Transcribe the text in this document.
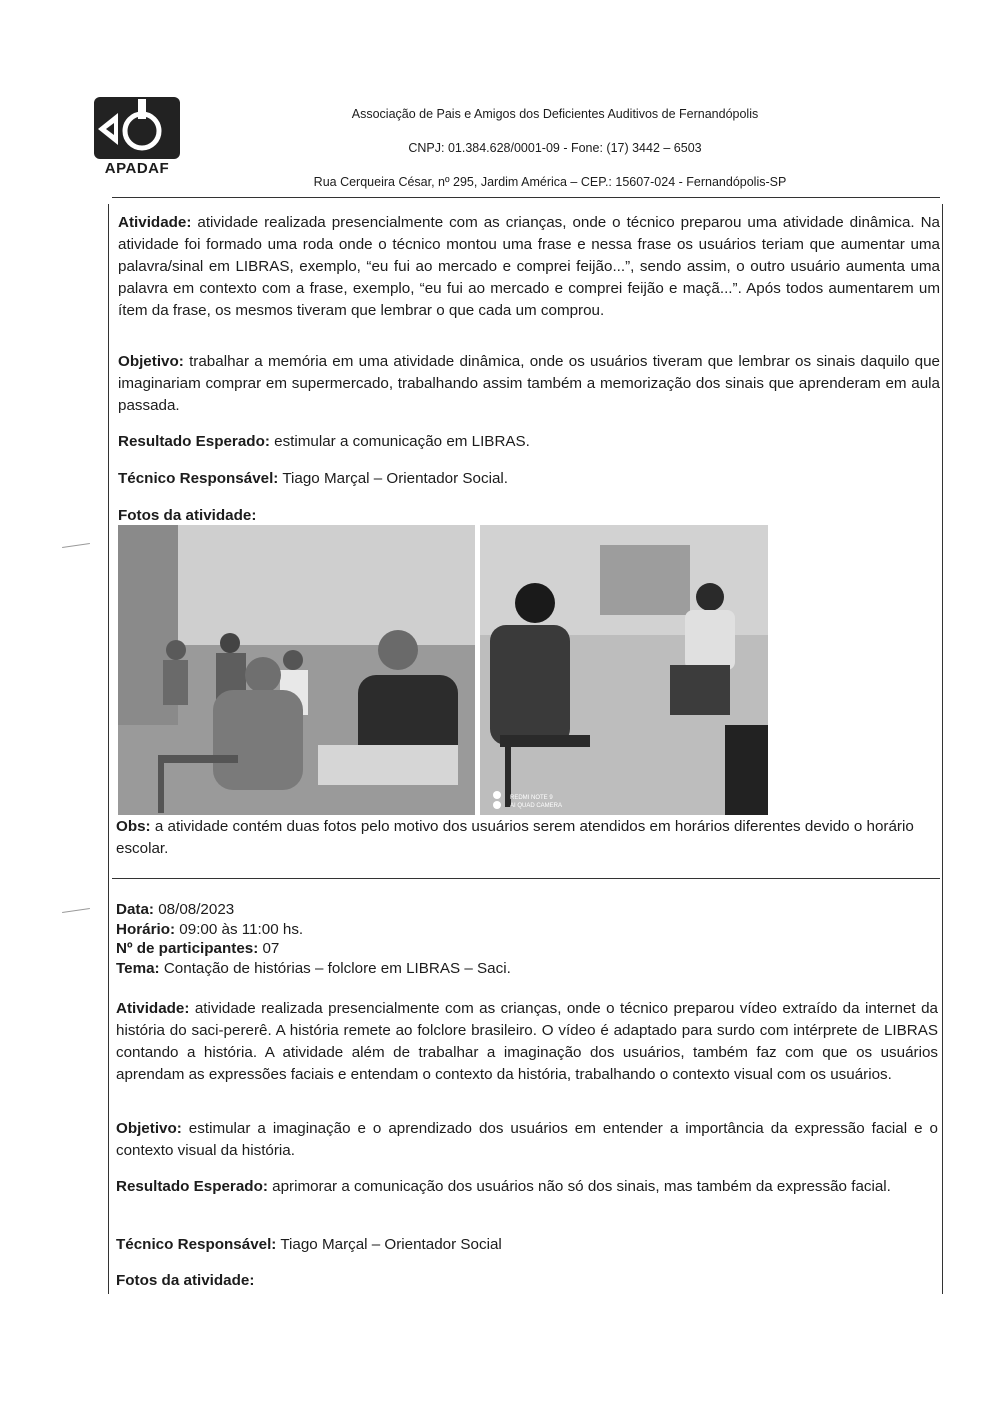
APADAF
Associação de Pais e Amigos dos Deficientes Auditivos de Fernandópolis
CNPJ: 01.384.628/0001-09 - Fone: (17) 3442 – 6503
Rua Cerqueira César, nº 295, Jardim América – CEP.: 15607-024 - Fernandópolis-SP
Atividade: atividade realizada presencialmente com as crianças, onde o técnico preparou uma atividade dinâmica. Na atividade foi formado uma roda onde o técnico montou uma frase e nessa frase os usuários teriam que aumentar uma palavra/sinal em LIBRAS, exemplo, “eu fui ao mercado e comprei feijão...”, sendo assim, o outro usuário aumenta uma palavra em contexto com a frase, exemplo, “eu fui ao mercado e comprei feijão e maçã...”. Após todos aumentarem um ítem da frase, os mesmos tiveram que lembrar o que cada um comprou.
Objetivo: trabalhar a memória em uma atividade dinâmica, onde os usuários tiveram que lembrar os sinais daquilo que imaginariam comprar em supermercado, trabalhando assim também a memorização dos sinais que aprenderam em aula passada.
Resultado Esperado: estimular a comunicação em LIBRAS.
Técnico Responsável: Tiago Marçal – Orientador Social.
Fotos da atividade:
REDMI NOTE 9
AI QUAD CAMERA
Obs: a atividade contém duas fotos pelo motivo dos usuários serem atendidos em horários diferentes devido o horário escolar.
Data: 08/08/2023
Horário: 09:00 às 11:00 hs.
Nº de participantes: 07
Tema: Contação de histórias – folclore em LIBRAS – Saci.
Atividade: atividade realizada presencialmente com as crianças, onde o técnico preparou vídeo extraído da internet da história do saci-pererê. A história remete ao folclore brasileiro. O vídeo é adaptado para surdo com intérprete de LIBRAS contando a história. A atividade além de trabalhar a imaginação dos usuários, também faz com que os usuários aprendam as expressões faciais e entendam o contexto da história, trabalhando o contexto visual com os usuários.
Objetivo: estimular a imaginação e o aprendizado dos usuários em entender a importância da expressão facial e o contexto visual da história.
Resultado Esperado: aprimorar a comunicação dos usuários não só dos sinais, mas também da expressão facial.
Técnico Responsável: Tiago Marçal – Orientador Social
Fotos da atividade:
